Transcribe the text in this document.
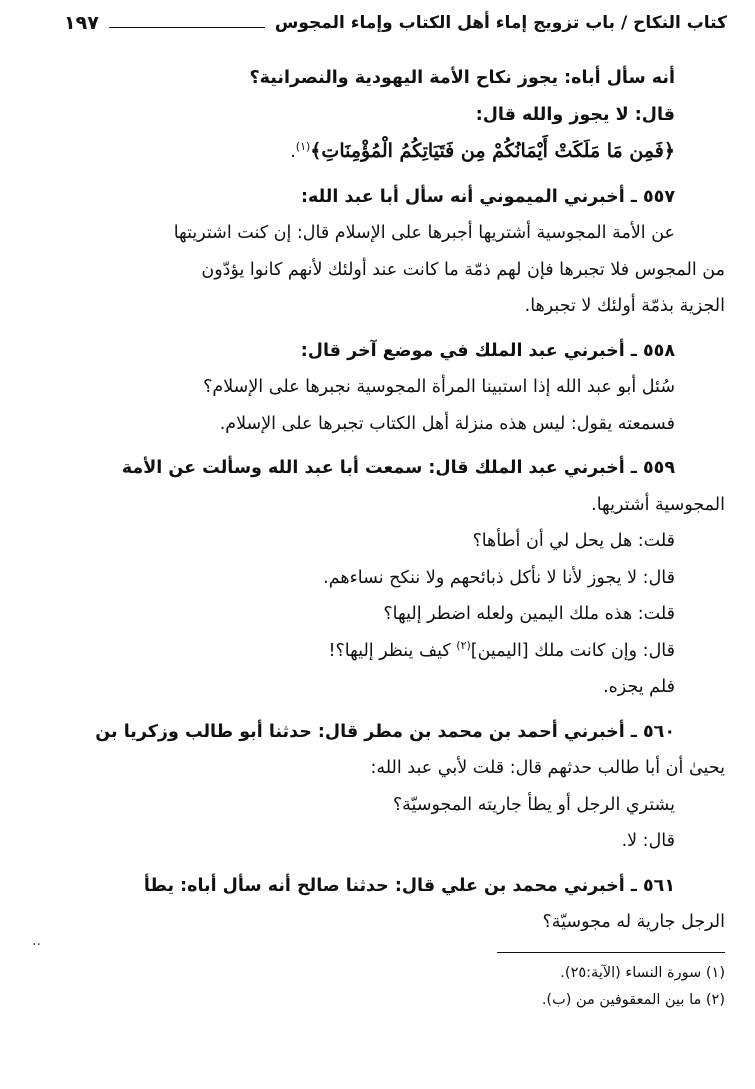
كتاب النكاح / باب تزويج إماء أهل الكتاب وإماء المجوس
١٩٧
أنه سأل أباه: يجوز نكاح الأمة اليهودية والنصرانية؟
قال: لا يجوز والله قال:
﴿فَمِن مَا مَلَكَتْ أَيْمَانُكُمْ مِن فَتَيَاتِكُمُ الْمُؤْمِنَاتِ﴾$^{(١)}$.
٥٥٧ ـ أخبرني الميموني أنه سأل أبا عبد الله:
عن الأمة المجوسية أشتريها أجبرها على الإسلام قال: إن كنت اشتريتها
من المجوس فلا تجبرها فإن لهم ذمّة ما كانت عند أولئك لأنهم كانوا يؤدّون
الجزية بذمّة أولئك لا تجبرها.
٥٥٨ ـ أخبرني عبد الملك في موضع آخر قال:
سُئل أبو عبد الله إذا استبينا المرأة المجوسية نجبرها على الإسلام؟
فسمعته يقول: ليس هذه منزلة أهل الكتاب تجبرها على الإسلام.
٥٥٩ ـ أخبرني عبد الملك قال: سمعت أبا عبد الله وسألت عن الأمة
المجوسية أشتريها.
قلت: هل يحل لي أن أطأها؟
قال: لا يجوز لأنا لا نأكل ذبائحهم ولا ننكح نساءهم.
قلت: هذه ملك اليمين ولعله اضطر إليها؟
قال: وإن كانت ملك [اليمين]$^{(٢)}$ كيف ينظر إليها؟!
فلم يجزه.
٥٦٠ ـ أخبرني أحمد بن محمد بن مطر قال: حدثنا أبو طالب وزكريا بن
يحيىٰ أن أبا طالب حدثهم قال: قلت لأبي عبد الله:
يشتري الرجل أو يطأ جاريته المجوسيّة؟
قال: لا.
٥٦١ ـ أخبرني محمد بن علي قال: حدثنا صالح أنه سأل أباه: يطأ
الرجل جارية له مجوسيّة؟
..
(١) سورة النساء (الآية:٢٥).
(٢) ما بين المعقوفين من (ب).
